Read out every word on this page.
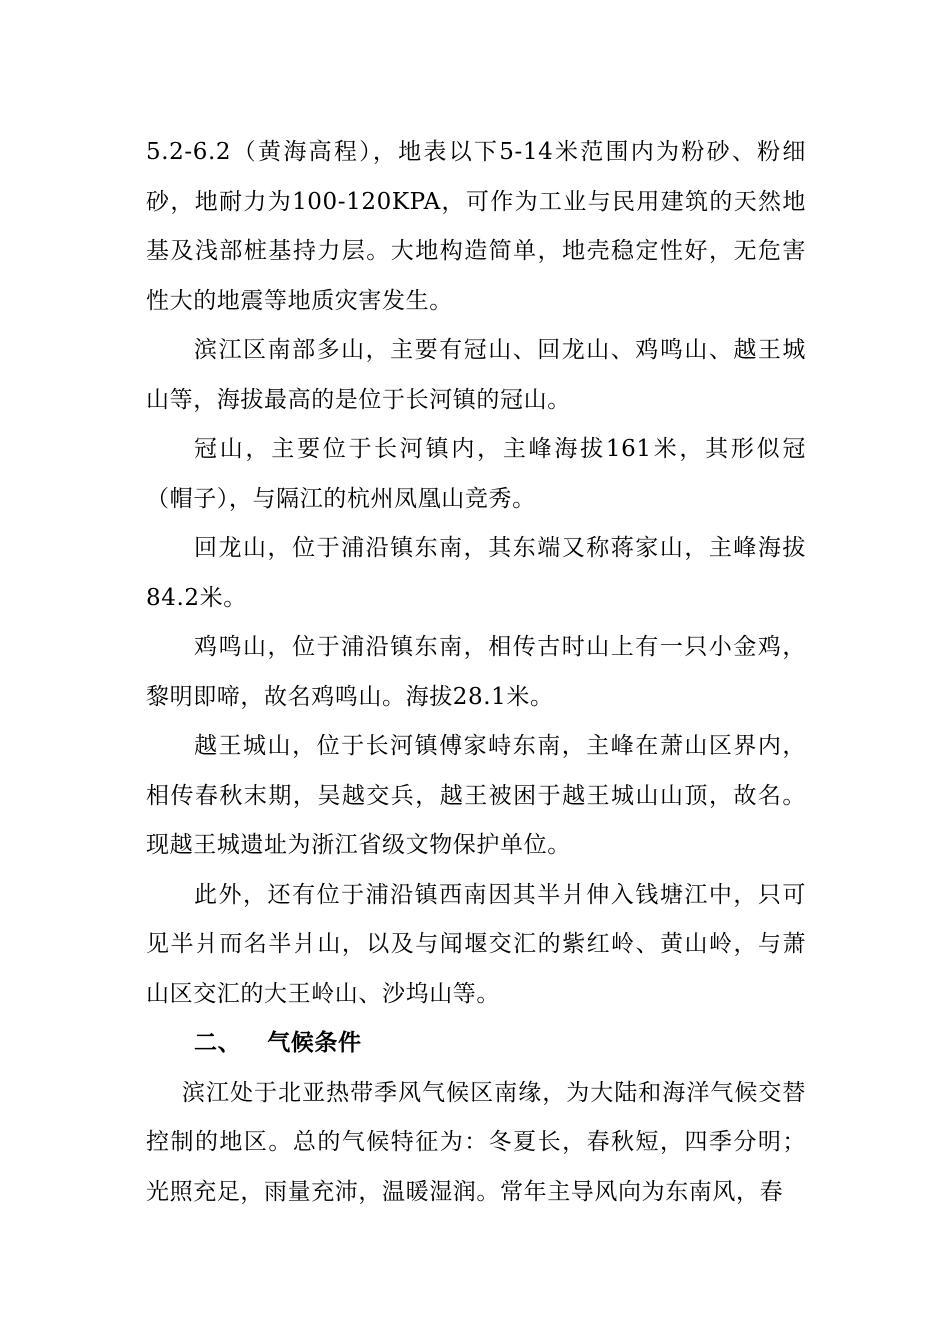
5.2-6.2（黄海高程），地表以下5-14米范围内为粉砂、粉细砂，地耐力为100-120KPA，可作为工业与民用建筑的天然地基及浅部桩基持力层。大地构造简单，地壳稳定性好，无危害性大的地震等地质灾害发生。

滨江区南部多山，主要有冠山、回龙山、鸡鸣山、越王城山等，海拔最高的是位于长河镇的冠山。

冠山，主要位于长河镇内，主峰海拔161米，其形似冠（帽子），与隔江的杭州凤凰山竞秀。

回龙山，位于浦沿镇东南，其东端又称蒋家山，主峰海拔84.2米。

鸡鸣山，位于浦沿镇东南，相传古时山上有一只小金鸡，黎明即啼，故名鸡鸣山。海拔28.1米。

越王城山，位于长河镇傅家峙东南，主峰在萧山区界内，相传春秋末期，吴越交兵，越王被困于越王城山山顶，故名。现越王城遗址为浙江省级文物保护单位。

此外，还有位于浦沿镇西南因其半爿伸入钱塘江中，只可见半爿而名半爿山，以及与闻堰交汇的紫红岭、黄山岭，与萧山区交汇的大王岭山、沙坞山等。

二、 气候条件

滨江处于北亚热带季风气候区南缘，为大陆和海洋气候交替控制的地区。总的气候特征为：冬夏长，春秋短，四季分明；光照充足，雨量充沛，温暖湿润。常年主导风向为东南风，春
